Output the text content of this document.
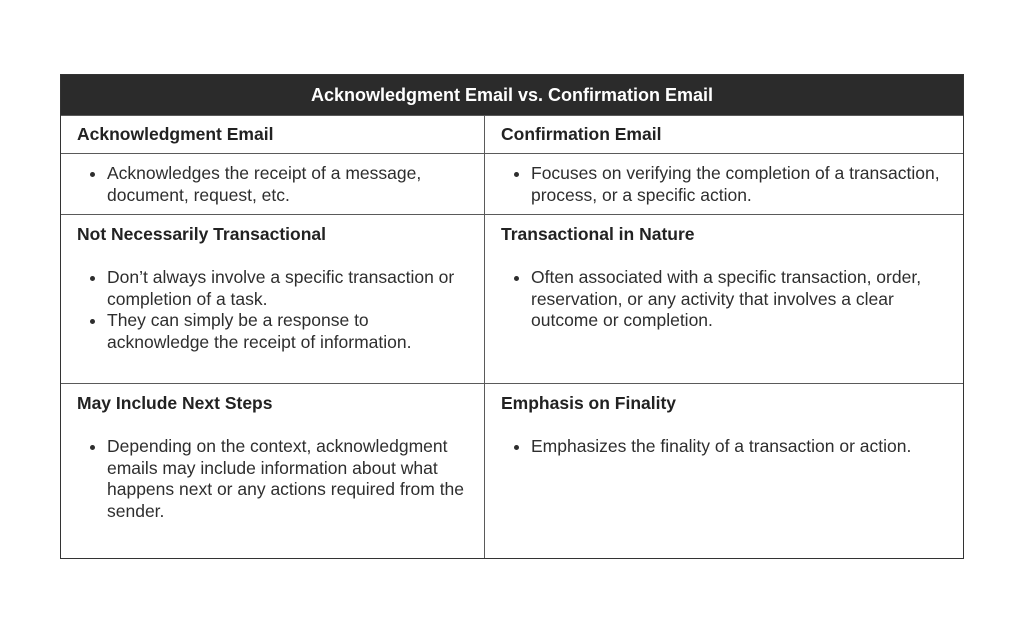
Acknowledgment Email vs. Confirmation Email
Acknowledgment Email	Confirmation Email
• Acknowledges the receipt of a message, document, request, etc.
• Focuses on verifying the completion of a transaction, process, or a specific action.
Not Necessarily Transactional
• Don’t always involve a specific transaction or completion of a task.
• They can simply be a response to acknowledge the receipt of information.
Transactional in Nature
• Often associated with a specific transaction, order, reservation, or any activity that involves a clear outcome or completion.
May Include Next Steps
• Depending on the context, acknowledgment emails may include information about what happens next or any actions required from the sender.
Emphasis on Finality
• Emphasizes the finality of a transaction or action.
